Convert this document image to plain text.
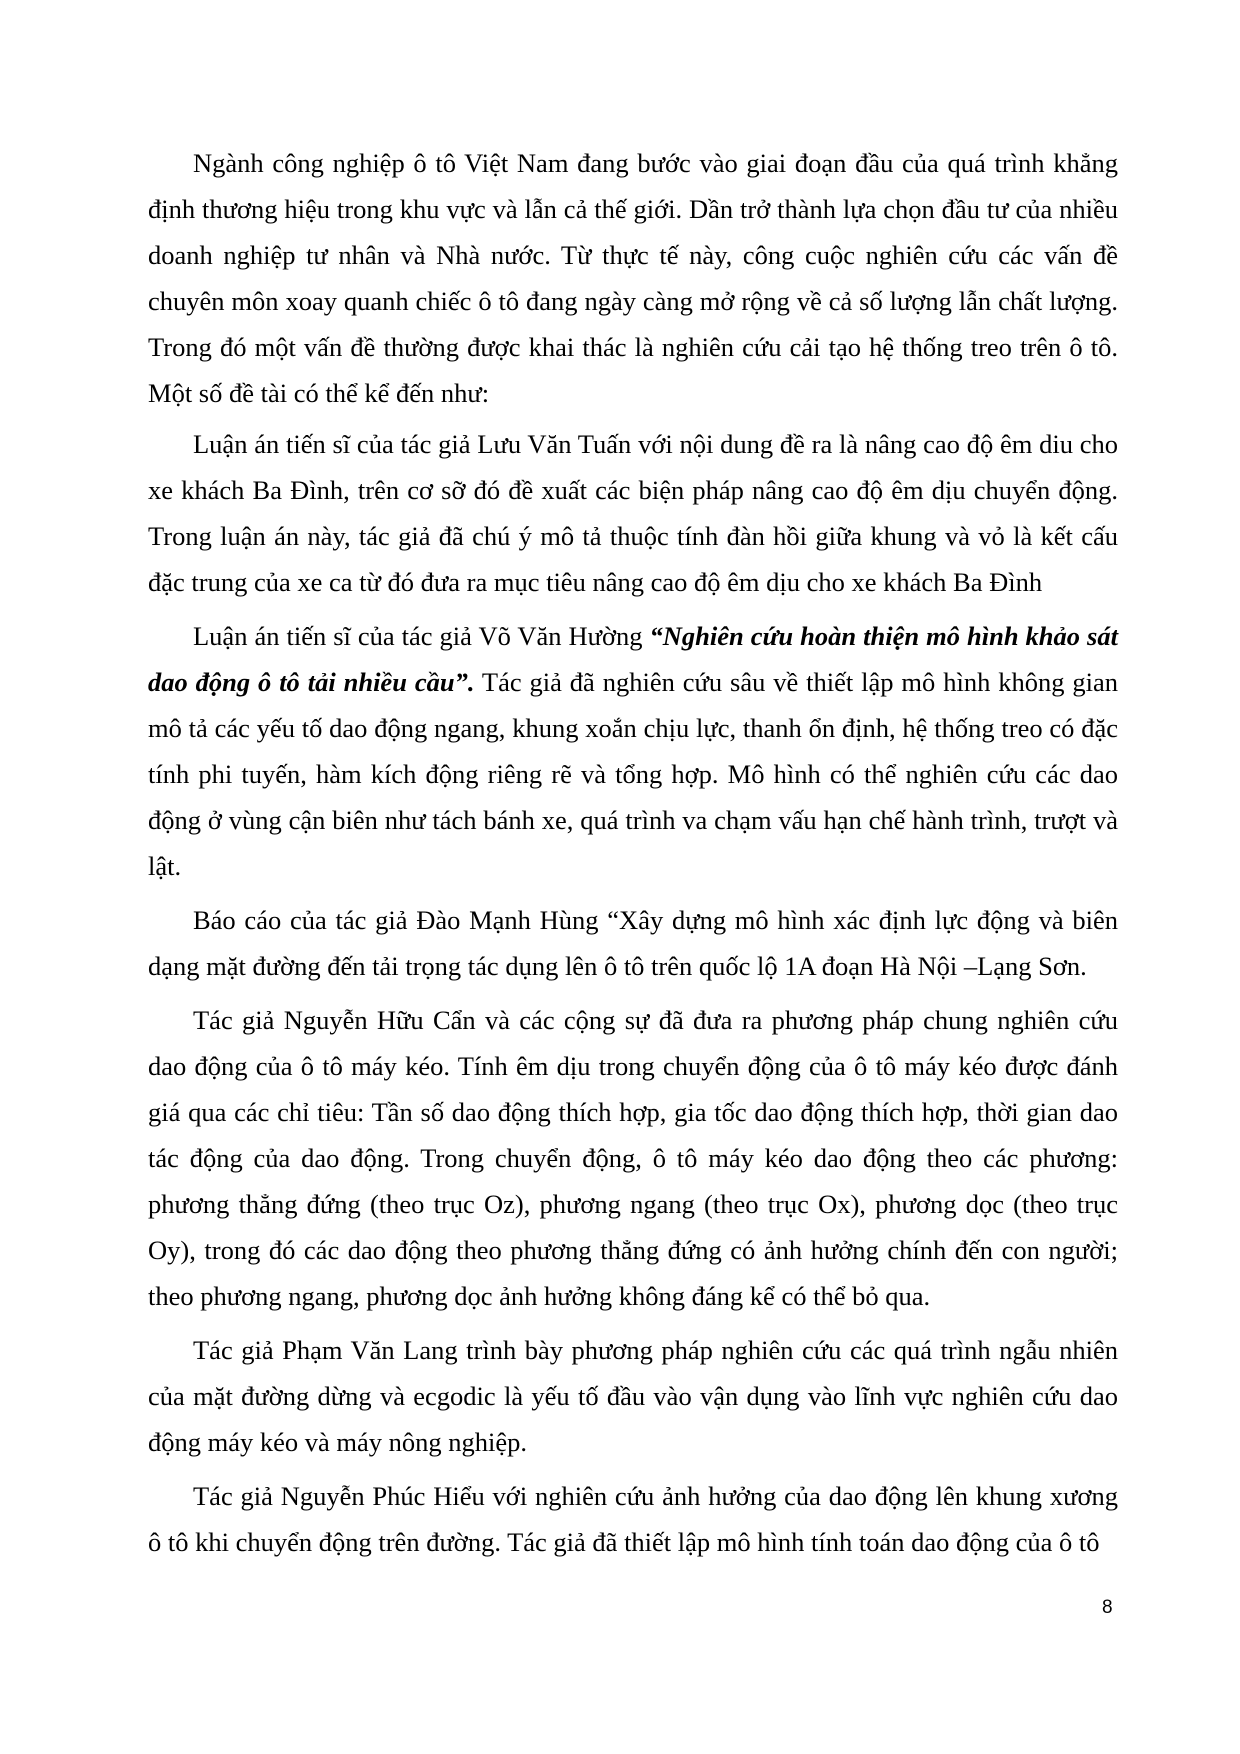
Ngành công nghiệp ô tô Việt Nam đang bước vào giai đoạn đầu của quá trình khẳng định thương hiệu trong khu vực và lẫn cả thế giới. Dần trở thành lựa chọn đầu tư của nhiều doanh nghiệp tư nhân và Nhà nước. Từ thực tế này, công cuộc nghiên cứu các vấn đề chuyên môn xoay quanh chiếc ô tô đang ngày càng mở rộng về cả số lượng lẫn chất lượng. Trong đó một vấn đề thường được khai thác là nghiên cứu cải tạo hệ thống treo trên ô tô. Một số đề tài có thể kể đến như:

Luận án tiến sĩ của tác giả Lưu Văn Tuấn với nội dung đề ra là nâng cao độ êm diu cho xe khách Ba Đình, trên cơ sỡ đó đề xuất các biện pháp nâng cao độ êm dịu chuyển động. Trong luận án này, tác giả đã chú ý mô tả thuộc tính đàn hồi giữa khung và vỏ là kết cấu đặc trung của xe ca từ đó đưa ra mục tiêu nâng cao độ êm dịu cho xe khách Ba Đình

Luận án tiến sĩ của tác giả Võ Văn Hường “Nghiên cứu hoàn thiện mô hình khảo sát dao động ô tô tải nhiều cầu”. Tác giả đã nghiên cứu sâu về thiết lập mô hình không gian mô tả các yếu tố dao động ngang, khung xoắn chịu lực, thanh ổn định, hệ thống treo có đặc tính phi tuyến, hàm kích động riêng rẽ và tổng hợp. Mô hình có thể nghiên cứu các dao động ở vùng cận biên như tách bánh xe, quá trình va chạm vấu hạn chế hành trình, trượt và lật.

Báo cáo của tác giả Đào Mạnh Hùng “Xây dựng mô hình xác định lực động và biên dạng mặt đường đến tải trọng tác dụng lên ô tô trên quốc lộ 1A đoạn Hà Nội –Lạng Sơn.

Tác giả Nguyễn Hữu Cẩn và các cộng sự đã đưa ra phương pháp chung nghiên cứu dao động của ô tô máy kéo. Tính êm dịu trong chuyển động của ô tô máy kéo được đánh giá qua các chỉ tiêu: Tần số dao động thích hợp, gia tốc dao động thích hợp, thời gian dao tác động của dao động. Trong chuyển động, ô tô máy kéo dao động theo các phương: phương thẳng đứng (theo trục Oz), phương ngang (theo trục Ox), phương dọc (theo trục Oy), trong đó các dao động theo phương thẳng đứng có ảnh hưởng chính đến con người; theo phương ngang, phương dọc ảnh hưởng không đáng kể có thể bỏ qua.

Tác giả Phạm Văn Lang trình bày phương pháp nghiên cứu các quá trình ngẫu nhiên của mặt đường dừng và ecgodic là yếu tố đầu vào vận dụng vào lĩnh vực nghiên cứu dao động máy kéo và máy nông nghiệp.

Tác giả Nguyễn Phúc Hiểu với nghiên cứu ảnh hưởng của dao động lên khung xương ô tô khi chuyển động trên đường. Tác giả đã thiết lập mô hình tính toán dao động của ô tô

8
